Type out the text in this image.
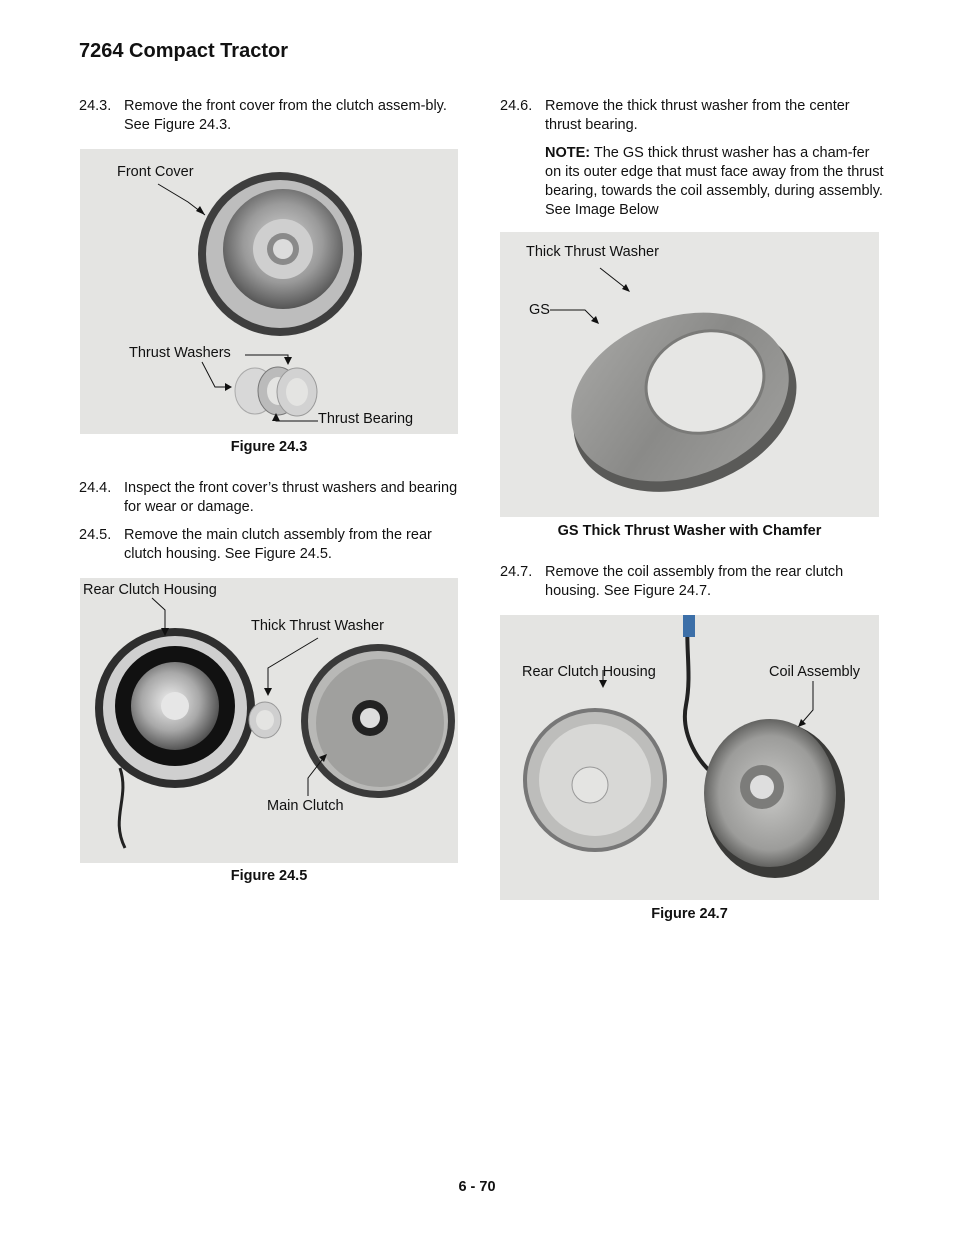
7264 Compact Tractor
24.3. Remove the front cover from the clutch assem-bly. See Figure 24.3.
Front Cover
Thrust Washers
Thrust Bearing
Figure 24.3
24.4. Inspect the front cover’s thrust washers and bearing for wear or damage.
24.5. Remove the main clutch assembly from the rear clutch housing. See Figure 24.5.
Rear Clutch Housing
Thick Thrust Washer
Main Clutch
Figure 24.5
24.6. Remove the thick thrust washer from the center thrust bearing.
NOTE: The GS thick thrust washer has a cham-fer on its outer edge that must face away from the thrust bearing, towards the coil assembly, during assembly. See Image Below
Thick Thrust Washer
GS
GS Thick Thrust Washer with Chamfer
24.7. Remove the coil assembly from the rear clutch housing. See Figure 24.7.
Rear Clutch Housing	Coil Assembly
Figure 24.7
6 - 70
